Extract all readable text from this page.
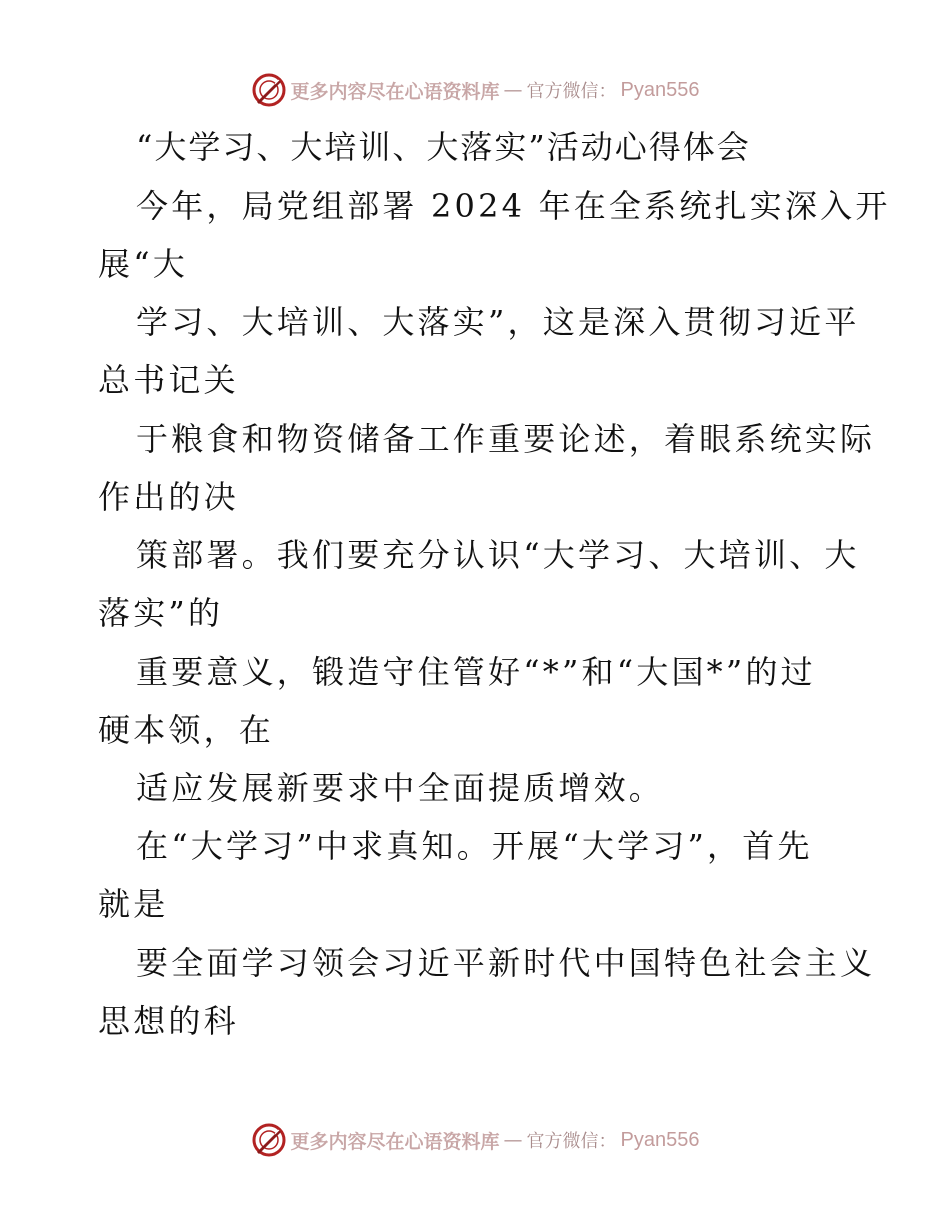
更多内容尽在心语资料库 — 官方微信： Pyan556
“大学习、大培训、大落实”活动心得体会
今年，局党组部署 2024 年在全系统扎实深入开
展“大
学习、大培训、大落实”，这是深入贯彻习近平
总书记关
于粮食和物资储备工作重要论述，着眼系统实际
作出的决
策部署。我们要充分认识“大学习、大培训、大
落实”的
重要意义，锻造守住管好“*”和“大国*”的过
硬本领，在
适应发展新要求中全面提质增效。
在“大学习”中求真知。开展“大学习”，首先
就是
要全面学习领会习近平新时代中国特色社会主义
思想的科
更多内容尽在心语资料库 — 官方微信： Pyan556
